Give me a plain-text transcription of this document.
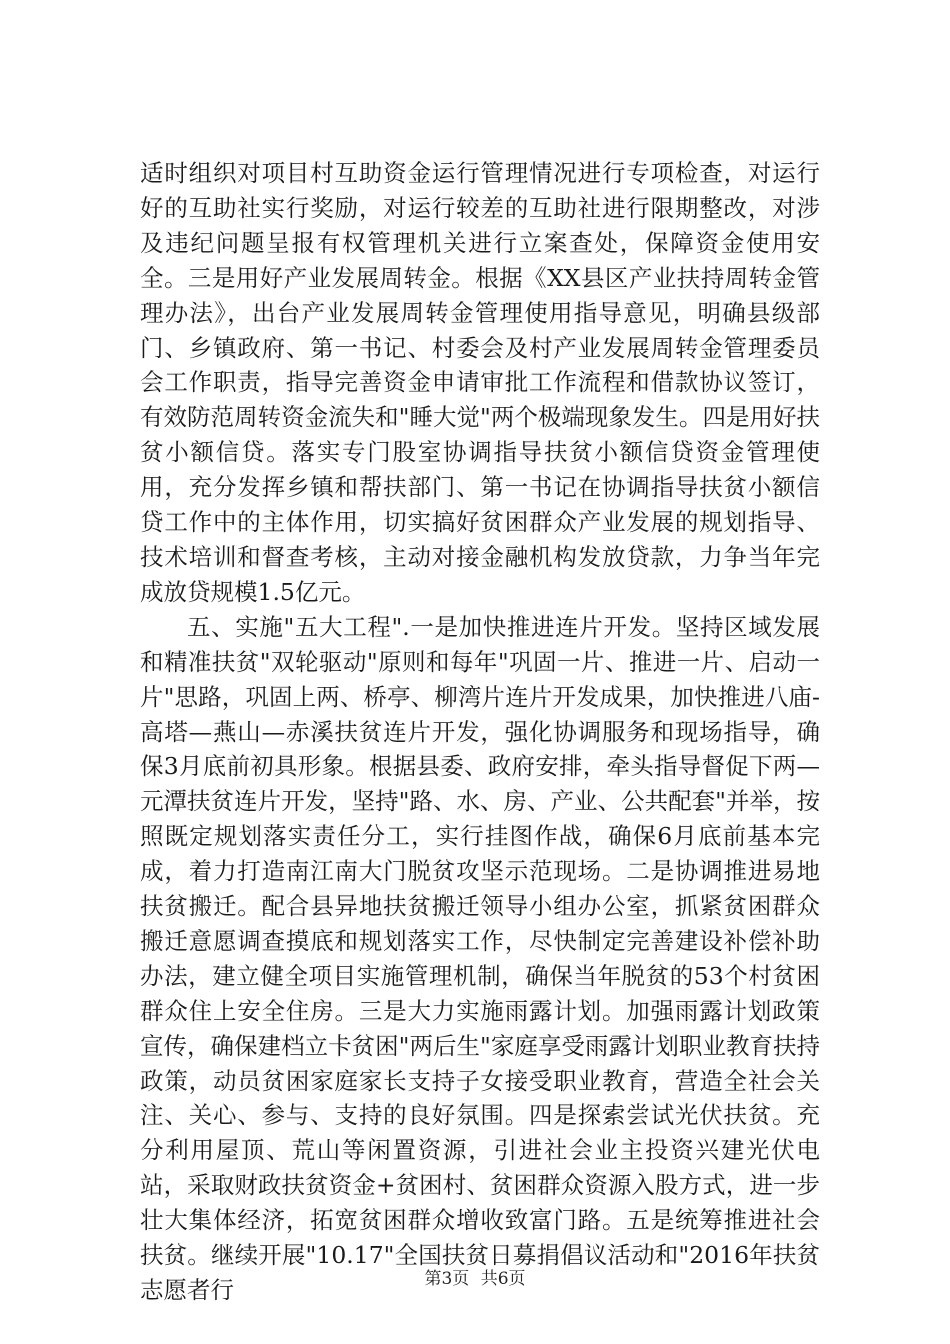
适时组织对项目村互助资金运行管理情况进行专项检查，对运行好的互助社实行奖励，对运行较差的互助社进行限期整改，对涉及违纪问题呈报有权管理机关进行立案查处，保障资金使用安全。三是用好产业发展周转金。根据《XX县区产业扶持周转金管理办法》，出台产业发展周转金管理使用指导意见，明确县级部门、乡镇政府、第一书记、村委会及村产业发展周转金管理委员会工作职责，指导完善资金申请审批工作流程和借款协议签订，有效防范周转资金流失和"睡大觉"两个极端现象发生。四是用好扶贫小额信贷。落实专门股室协调指导扶贫小额信贷资金管理使用，充分发挥乡镇和帮扶部门、第一书记在协调指导扶贫小额信贷工作中的主体作用，切实搞好贫困群众产业发展的规划指导、技术培训和督查考核，主动对接金融机构发放贷款，力争当年完成放贷规模1.5亿元。

五、实施"五大工程".一是加快推进连片开发。坚持区域发展和精准扶贫"双轮驱动"原则和每年"巩固一片、推进一片、启动一片"思路，巩固上两、桥亭、柳湾片连片开发成果，加快推进八庙-高塔—燕山—赤溪扶贫连片开发，强化协调服务和现场指导，确保3月底前初具形象。根据县委、政府安排，牵头指导督促下两—元潭扶贫连片开发，坚持"路、水、房、产业、公共配套"并举，按照既定规划落实责任分工，实行挂图作战，确保6月底前基本完成，着力打造南江南大门脱贫攻坚示范现场。二是协调推进易地扶贫搬迁。配合县异地扶贫搬迁领导小组办公室，抓紧贫困群众搬迁意愿调查摸底和规划落实工作，尽快制定完善建设补偿补助办法，建立健全项目实施管理机制，确保当年脱贫的53个村贫困群众住上安全住房。三是大力实施雨露计划。加强雨露计划政策宣传，确保建档立卡贫困"两后生"家庭享受雨露计划职业教育扶持政策，动员贫困家庭家长支持子女接受职业教育，营造全社会关注、关心、参与、支持的良好氛围。四是探索尝试光伏扶贫。充分利用屋顶、荒山等闲置资源，引进社会业主投资兴建光伏电站，采取财政扶贫资金+贫困村、贫困群众资源入股方式，进一步壮大集体经济，拓宽贫困群众增收致富门路。五是统筹推进社会扶贫。继续开展"10.17"全国扶贫日募捐倡议活动和"2016年扶贫志愿者行	第3页 共6页
